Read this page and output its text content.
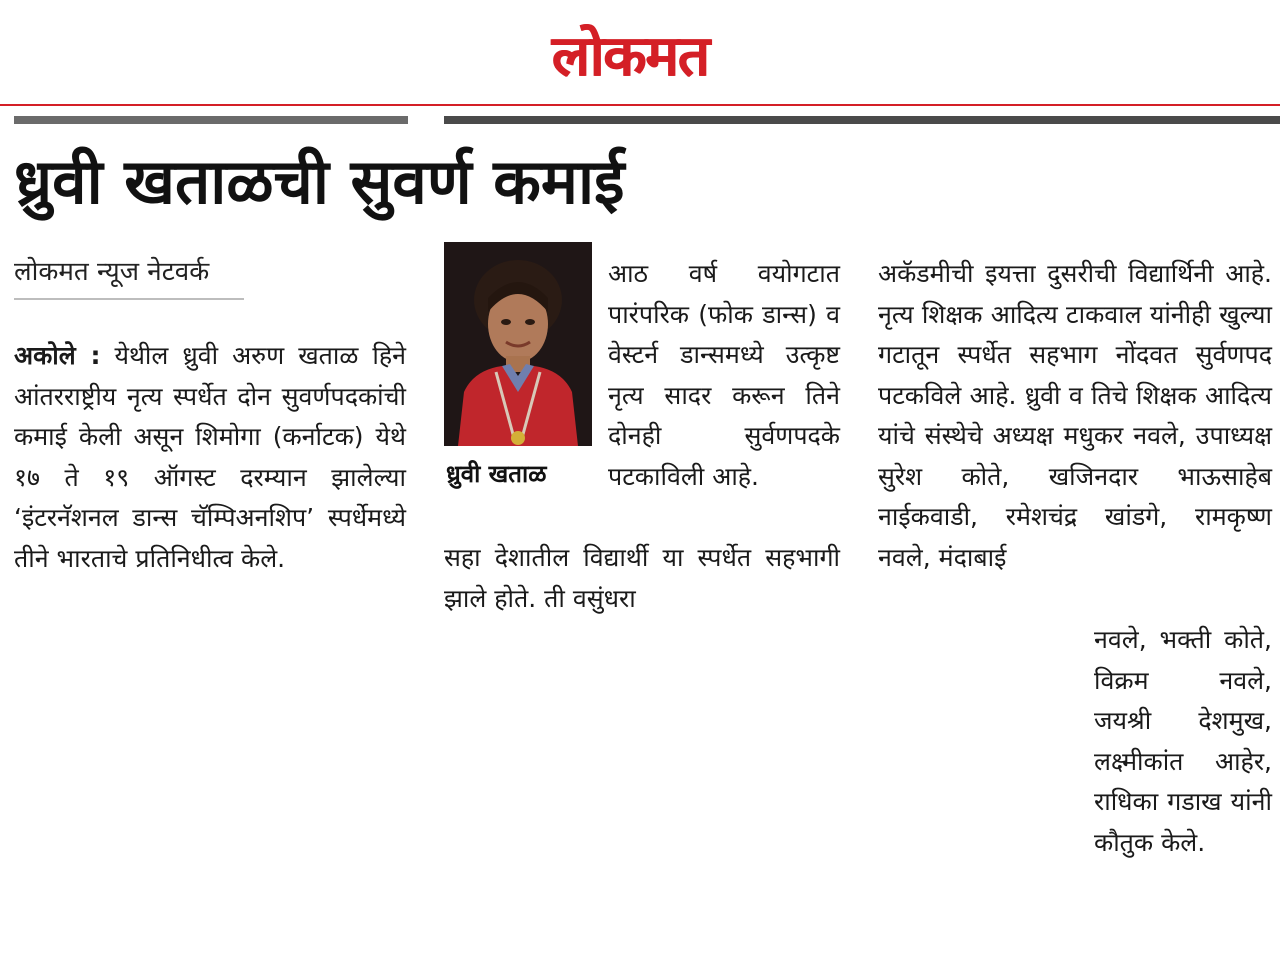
लोकमत
ध्रुवी खताळची सुवर्ण कमाई
लोकमत न्यूज नेटवर्क
अकोले : येथील ध्रुवी अरुण खताळ हिने आंतरराष्ट्रीय नृत्य स्पर्धेत दोन सुवर्णपदकांची कमाई केली असून शिमोगा (कर्नाटक) येथे १७ ते १९ ऑगस्ट दरम्यान झालेल्या ‘इंटरनॅशनल डान्स चॅम्पिअनशिप’ स्पर्धेमध्ये तीने भारताचे प्रतिनिधीत्व केले.
ध्रुवी खताळ
आठ वर्ष वयोगटात पारंपरिक (फोक डान्स) व वेस्टर्न डान्समध्ये उत्कृष्ट नृत्य सादर करून तिने दोनही सुर्वणपदके पटकाविली आहे.
सहा देशातील विद्यार्थी या स्पर्धेत सहभागी झाले होते. ती वसुंधरा
अकॅडमीची इयत्ता दुसरीची विद्यार्थिनी आहे. नृत्य शिक्षक आदित्य टाकवाल यांनीही खुल्या गटातून स्पर्धेत सहभाग नोंदवत सुर्वणपद पटकविले आहे. ध्रुवी व तिचे शिक्षक आदित्य यांचे संस्थेचे अध्यक्ष मधुकर नवले, उपाध्यक्ष सुरेश कोते, खजिनदार भाऊसाहेब नाईकवाडी, रमेशचंद्र खांडगे, रामकृष्ण नवले, मंदाबाई
नवले, भक्ती कोते, विक्रम नवले, जयश्री देशमुख, लक्ष्मीकांत आहेर, राधिका गडाख यांनी कौतुक केले.
